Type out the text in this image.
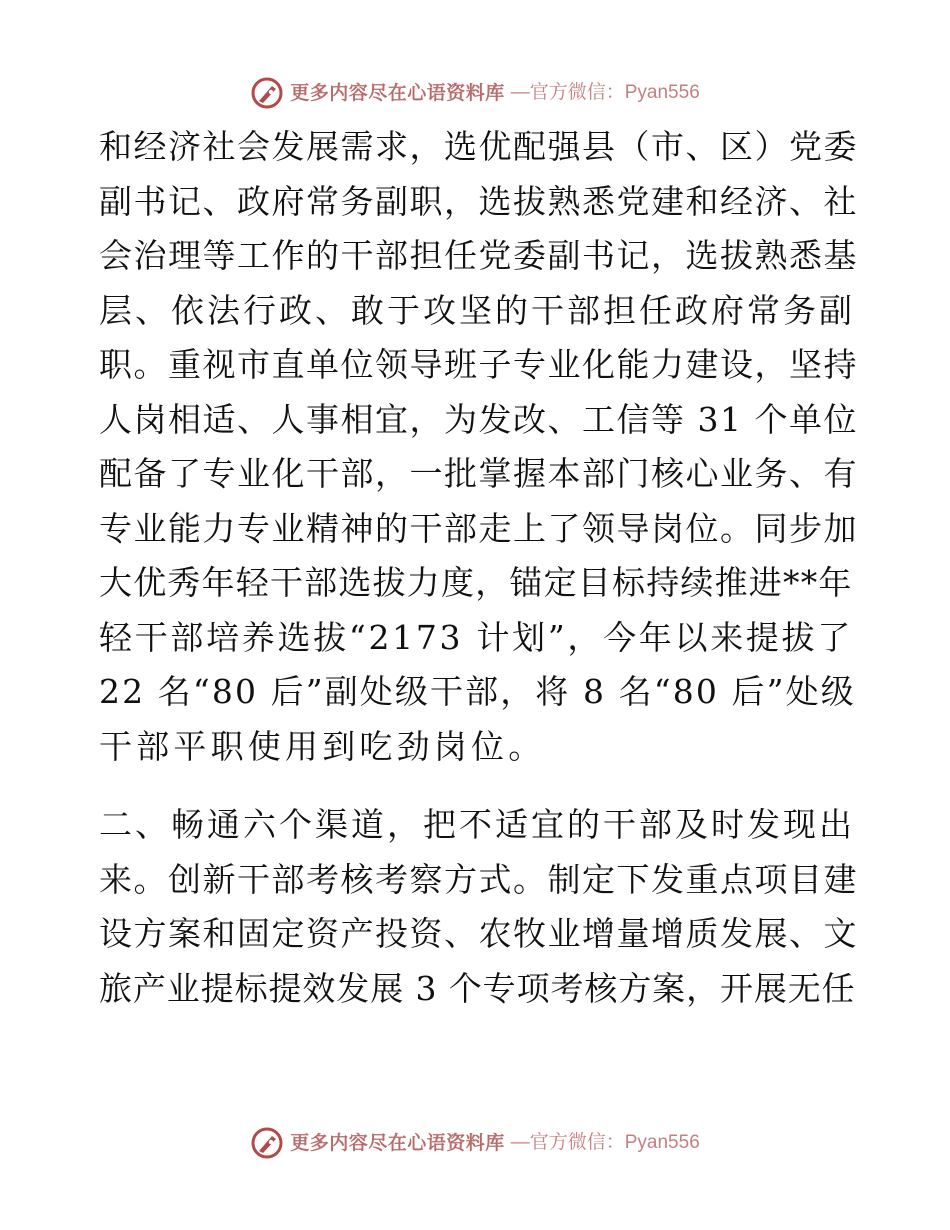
更多内容尽在心语资料库 —官方微信：Pyan556
和经济社会发展需求，选优配强县（市、区）党委
副书记、政府常务副职，选拔熟悉党建和经济、社
会治理等工作的干部担任党委副书记，选拔熟悉基
层、依法行政、敢于攻坚的干部担任政府常务副
职。重视市直单位领导班子专业化能力建设，坚持
人岗相适、人事相宜，为发改、工信等 31 个单位
配备了专业化干部，一批掌握本部门核心业务、有
专业能力专业精神的干部走上了领导岗位。同步加
大优秀年轻干部选拔力度，锚定目标持续推进**年
轻干部培养选拔“2173 计划”，今年以来提拔了
22 名“80 后”副处级干部，将 8 名“80 后”处级
干部平职使用到吃劲岗位。
二、畅通六个渠道，把不适宜的干部及时发现出
来。创新干部考核考察方式。制定下发重点项目建
设方案和固定资产投资、农牧业增量增质发展、文
旅产业提标提效发展 3 个专项考核方案，开展无任
更多内容尽在心语资料库 —官方微信：Pyan556
